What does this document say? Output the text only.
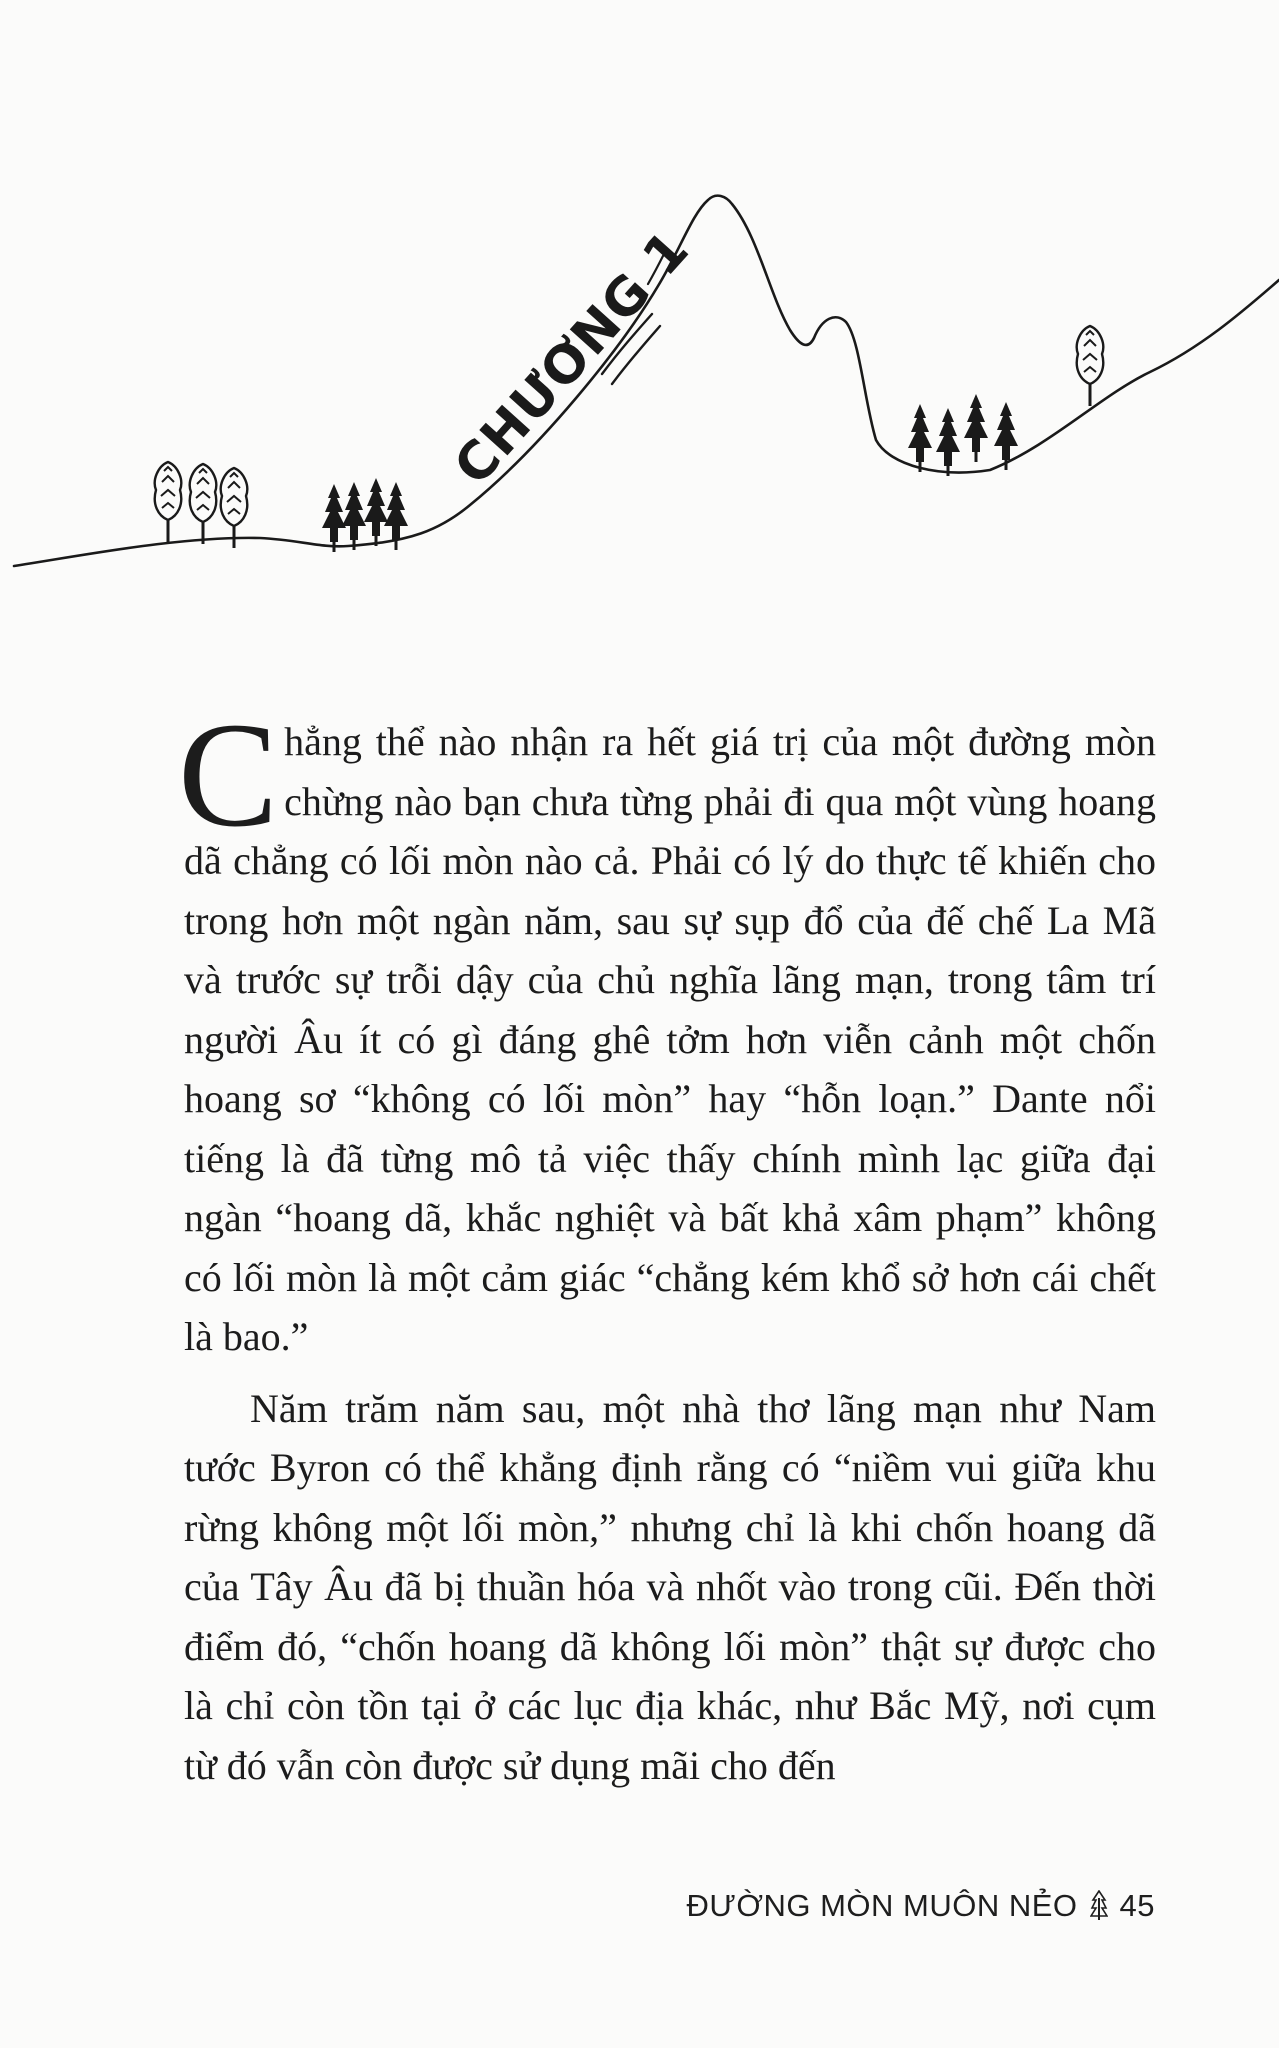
CHƯƠNG 1

Chẳng thể nào nhận ra hết giá trị của một đường mòn chừng nào bạn chưa từng phải đi qua một vùng hoang dã chẳng có lối mòn nào cả. Phải có lý do thực tế khiến cho trong hơn một ngàn năm, sau sự sụp đổ của đế chế La Mã và trước sự trỗi dậy của chủ nghĩa lãng mạn, trong tâm trí người Âu ít có gì đáng ghê tởm hơn viễn cảnh một chốn hoang sơ “không có lối mòn” hay “hỗn loạn.” Dante nổi tiếng là đã từng mô tả việc thấy chính mình lạc giữa đại ngàn “hoang dã, khắc nghiệt và bất khả xâm phạm” không có lối mòn là một cảm giác “chẳng kém khổ sở hơn cái chết là bao.”

Năm trăm năm sau, một nhà thơ lãng mạn như Nam tước Byron có thể khẳng định rằng có “niềm vui giữa khu rừng không một lối mòn,” nhưng chỉ là khi chốn hoang dã của Tây Âu đã bị thuần hóa và nhốt vào trong cũi. Đến thời điểm đó, “chốn hoang dã không lối mòn” thật sự được cho là chỉ còn tồn tại ở các lục địa khác, như Bắc Mỹ, nơi cụm từ đó vẫn còn được sử dụng mãi cho đến

ĐƯỜNG MÒN MUÔN NẺO 45
